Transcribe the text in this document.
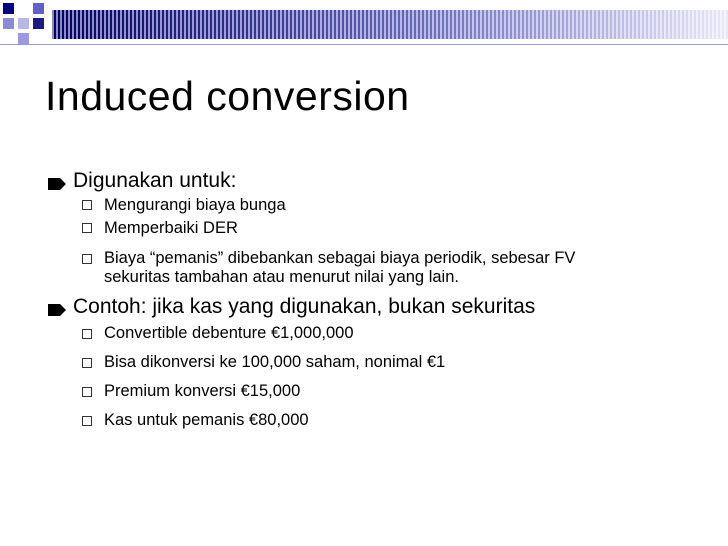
Induced conversion
Digunakan untuk:
Mengurangi biaya bunga
Memperbaiki DER
Biaya “pemanis” dibebankan sebagai biaya periodik, sebesar FV
sekuritas tambahan atau menurut nilai yang lain.
Contoh: jika kas yang digunakan, bukan sekuritas
Convertible debenture €1,000,000
Bisa dikonversi ke 100,000 saham, nonimal €1
Premium konversi €15,000
Kas untuk pemanis €80,000
